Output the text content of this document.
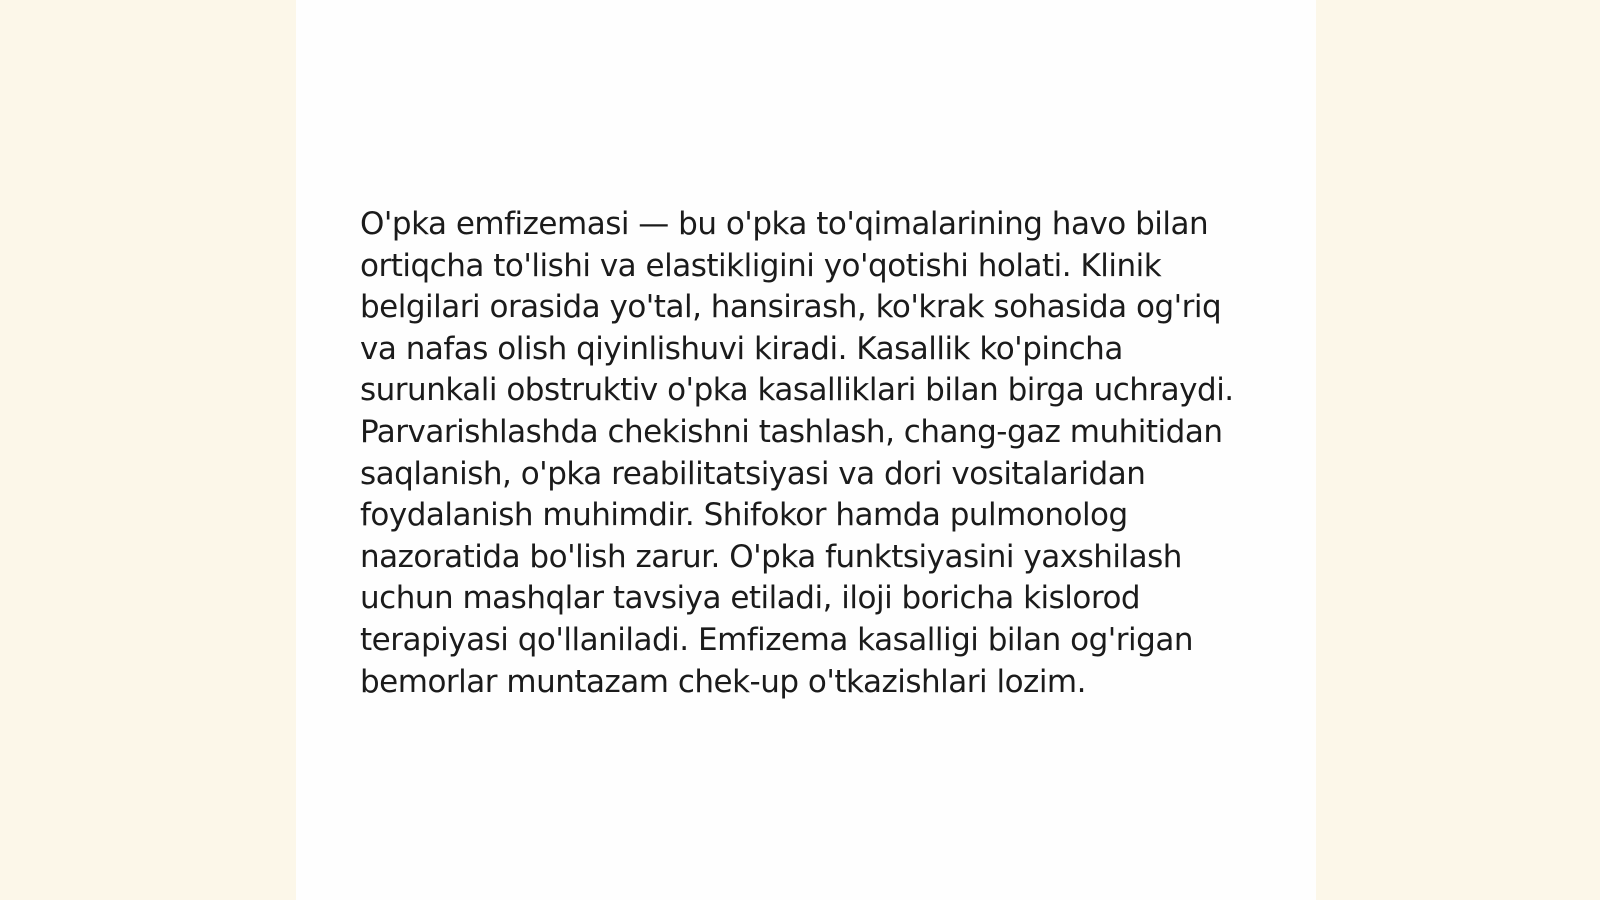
O'pka emfizemasi — bu o'pka to'qimalarining havo bilan ortiqcha to'lishi va elastikligini yo'qotishi holati. Klinik belgilari orasida yo'tal, hansirash, ko'krak sohasida og'riq va nafas olish qiyinlishuvi kiradi. Kasallik ko'pincha surunkali obstruktiv o'pka kasalliklari bilan birga uchraydi. Parvarishlashda chekishni tashlash, chang-gaz muhitidan saqlanish, o'pka reabilitatsiyasi va dori vositalaridan foydalanish muhimdir. Shifokor hamda pulmonolog nazoratida bo'lish zarur. O'pka funktsiyasini yaxshilash uchun mashqlar tavsiya etiladi, iloji boricha kislorod terapiyasi qo'llaniladi. Emfizema kasalligi bilan og'rigan bemorlar muntazam chek-up o'tkazishlari lozim.
